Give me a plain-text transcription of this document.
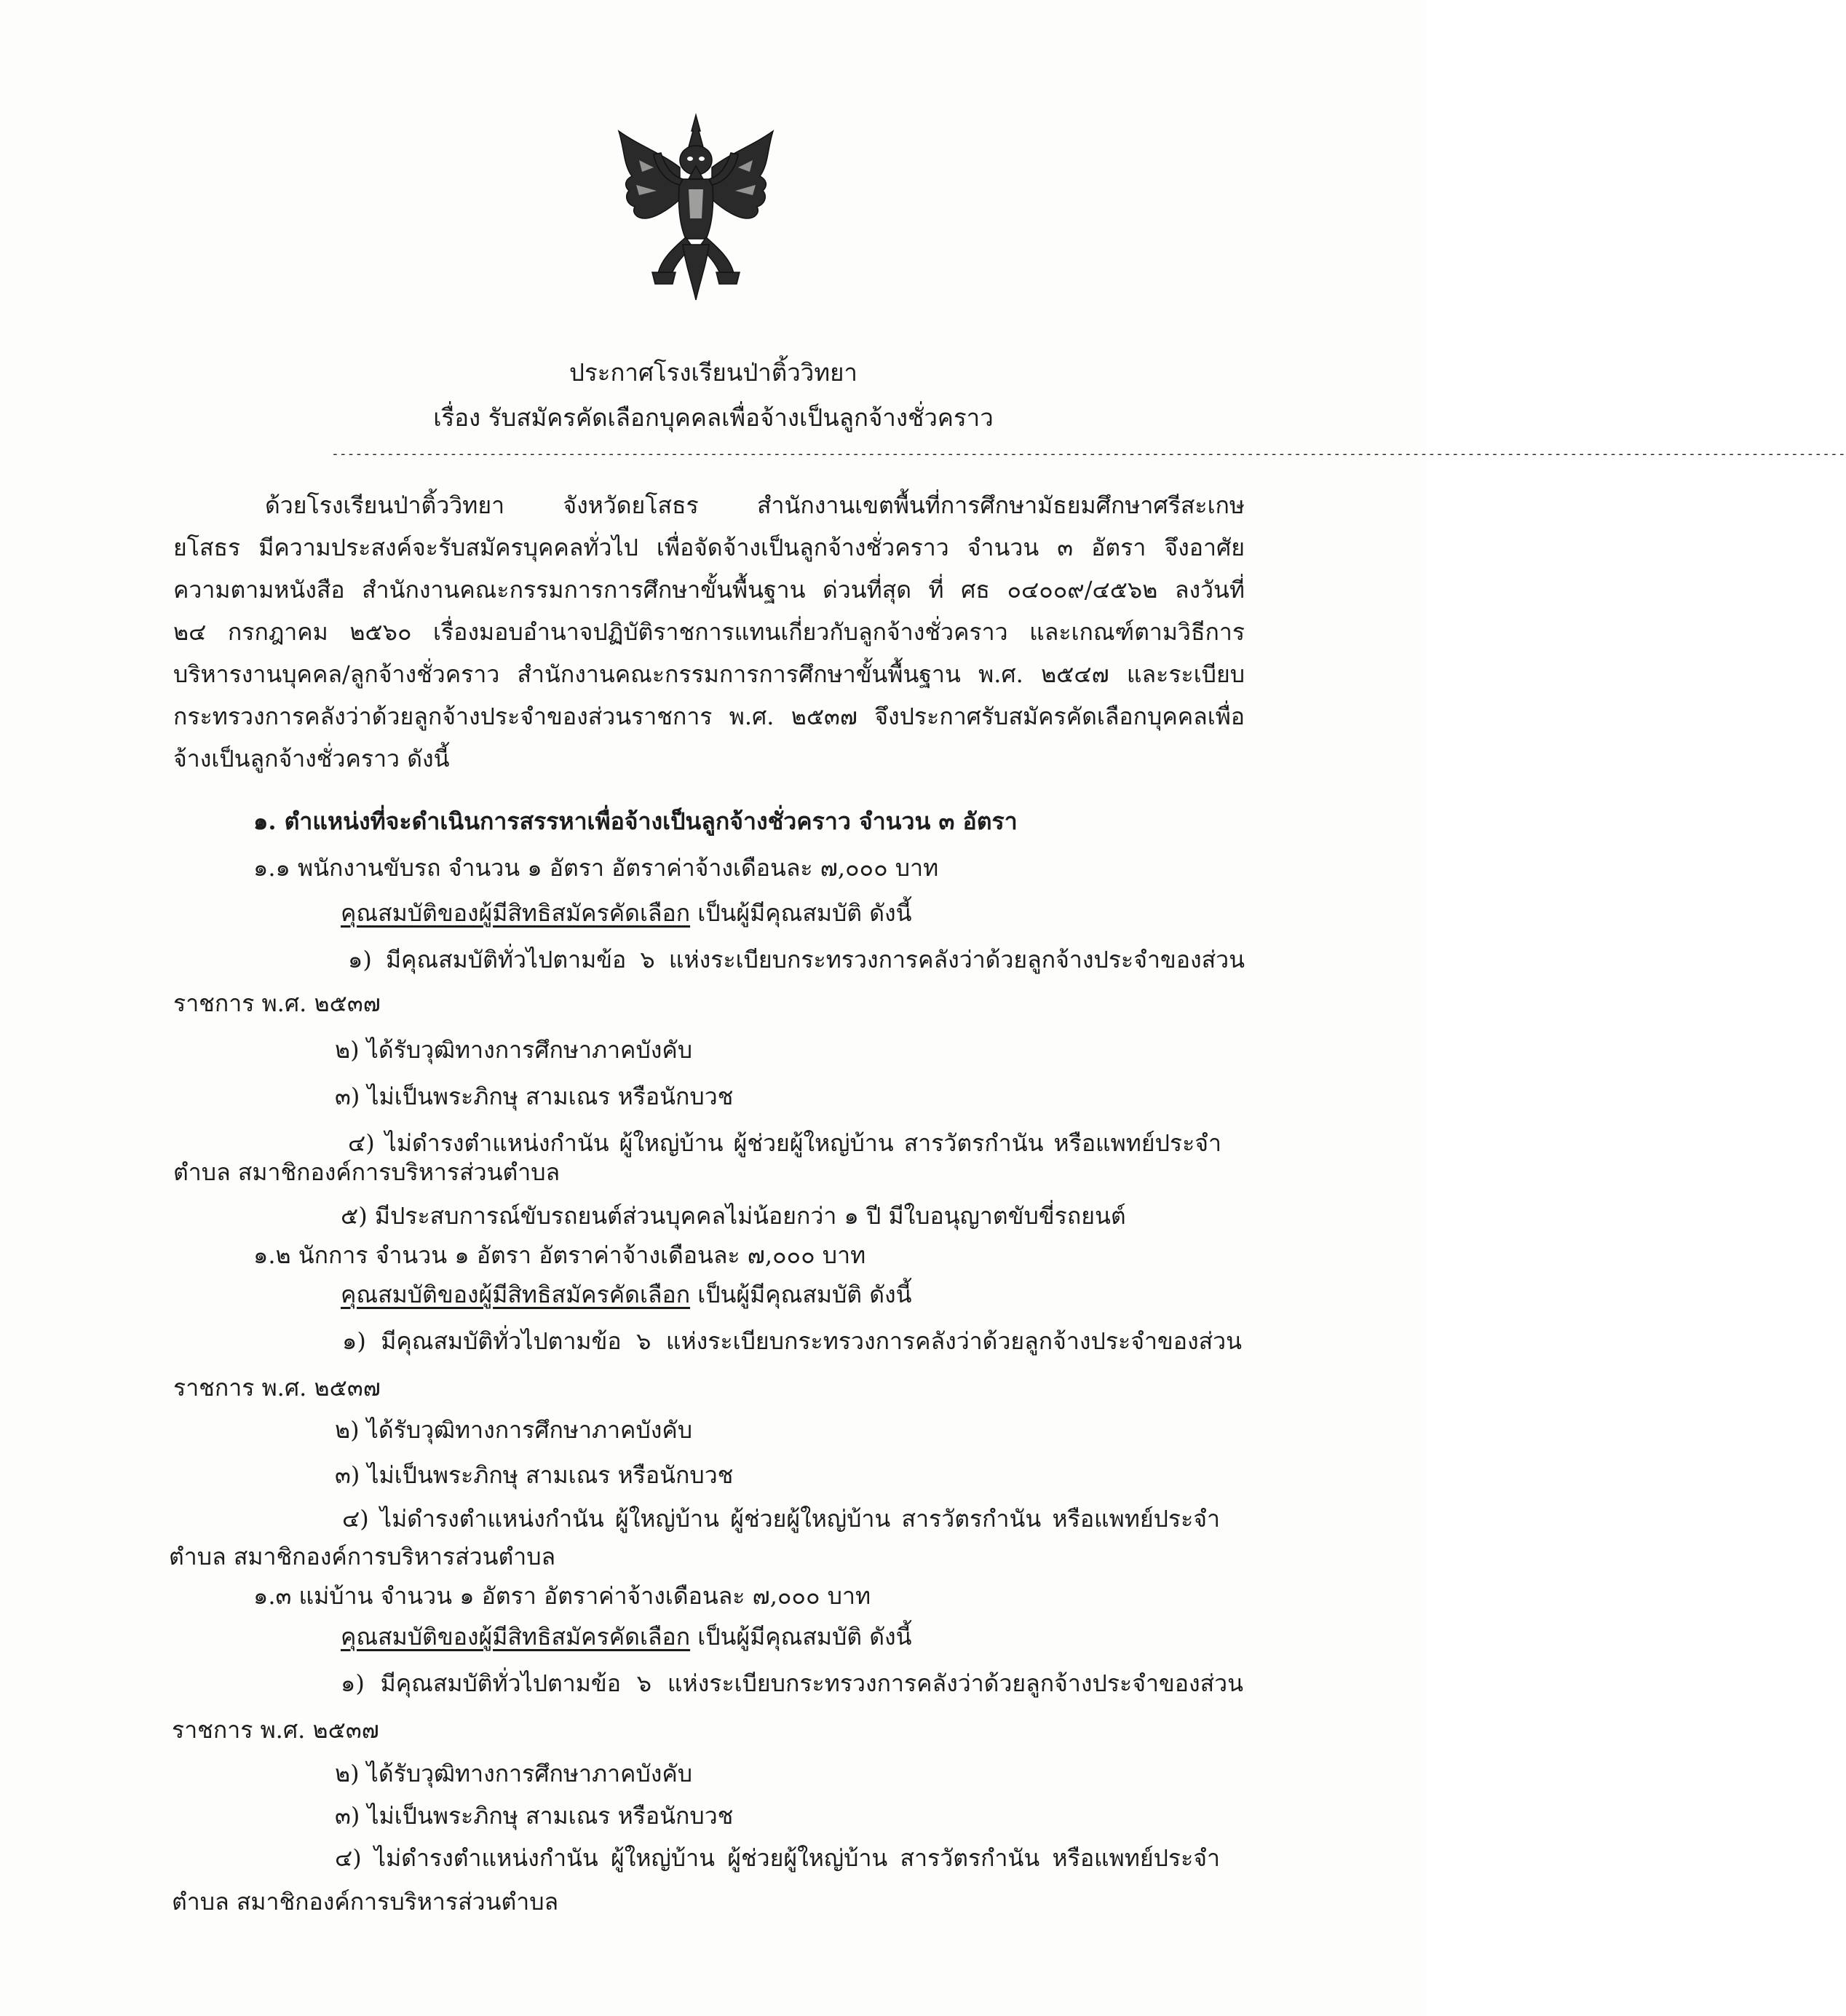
ประกาศโรงเรียนป่าติ้ววิทยา
เรื่อง รับสมัครคัดเลือกบุคคลเพื่อจ้างเป็นลูกจ้างชั่วคราว
------------------------------------------------------------------------------------------------------------------------------------------------------------------------------------------------
ด้วยโรงเรียนป่าติ้ววิทยา จังหวัดยโสธร สำนักงานเขตพื้นที่การศึกษามัธยมศึกษาศรีสะเกษ
ยโสธร มีความประสงค์จะรับสมัครบุคคลทั่วไป เพื่อจัดจ้างเป็นลูกจ้างชั่วคราว จำนวน ๓ อัตรา จึงอาศัย
ความตามหนังสือ สำนักงานคณะกรรมการการศึกษาขั้นพื้นฐาน ด่วนที่สุด ที่ ศธ ๐๔๐๐๙/๔๕๖๒ ลงวันที่
๒๔ กรกฎาคม ๒๕๖๐ เรื่องมอบอำนาจปฏิบัติราชการแทนเกี่ยวกับลูกจ้างชั่วคราว และเกณฑ์ตามวิธีการ
บริหารงานบุคคล/ลูกจ้างชั่วคราว สำนักงานคณะกรรมการการศึกษาขั้นพื้นฐาน พ.ศ. ๒๕๔๗ และระเบียบ
กระทรวงการคลังว่าด้วยลูกจ้างประจำของส่วนราชการ พ.ศ. ๒๕๓๗ จึงประกาศรับสมัครคัดเลือกบุคคลเพื่อ
จ้างเป็นลูกจ้างชั่วคราว ดังนี้
๑. ตำแหน่งที่จะดำเนินการสรรหาเพื่อจ้างเป็นลูกจ้างชั่วคราว จำนวน ๓ อัตรา
๑.๑ พนักงานขับรถ จำนวน ๑ อัตรา อัตราค่าจ้างเดือนละ ๗,๐๐๐ บาท
คุณสมบัติของผู้มีสิทธิสมัครคัดเลือก เป็นผู้มีคุณสมบัติ ดังนี้
๑) มีคุณสมบัติทั่วไปตามข้อ ๖ แห่งระเบียบกระทรวงการคลังว่าด้วยลูกจ้างประจำของส่วน
ราชการ พ.ศ. ๒๕๓๗
๒) ได้รับวุฒิทางการศึกษาภาคบังคับ
๓) ไม่เป็นพระภิกษุ สามเณร หรือนักบวช
๔) ไม่ดำรงตำแหน่งกำนัน ผู้ใหญ่บ้าน ผู้ช่วยผู้ใหญ่บ้าน สารวัตรกำนัน หรือแพทย์ประจำ
ตำบล สมาชิกองค์การบริหารส่วนตำบล
๕) มีประสบการณ์ขับรถยนต์ส่วนบุคคลไม่น้อยกว่า ๑ ปี มีใบอนุญาตขับขี่รถยนต์
๑.๒ นักการ จำนวน ๑ อัตรา อัตราค่าจ้างเดือนละ ๗,๐๐๐ บาท
คุณสมบัติของผู้มีสิทธิสมัครคัดเลือก เป็นผู้มีคุณสมบัติ ดังนี้
๑) มีคุณสมบัติทั่วไปตามข้อ ๖ แห่งระเบียบกระทรวงการคลังว่าด้วยลูกจ้างประจำของส่วน
ราชการ พ.ศ. ๒๕๓๗
๒) ได้รับวุฒิทางการศึกษาภาคบังคับ
๓) ไม่เป็นพระภิกษุ สามเณร หรือนักบวช
๔) ไม่ดำรงตำแหน่งกำนัน ผู้ใหญ่บ้าน ผู้ช่วยผู้ใหญ่บ้าน สารวัตรกำนัน หรือแพทย์ประจำ
ตำบล สมาชิกองค์การบริหารส่วนตำบล
๑.๓ แม่บ้าน จำนวน ๑ อัตรา อัตราค่าจ้างเดือนละ ๗,๐๐๐ บาท
คุณสมบัติของผู้มีสิทธิสมัครคัดเลือก เป็นผู้มีคุณสมบัติ ดังนี้
๑) มีคุณสมบัติทั่วไปตามข้อ ๖ แห่งระเบียบกระทรวงการคลังว่าด้วยลูกจ้างประจำของส่วน
ราชการ พ.ศ. ๒๕๓๗
๒) ได้รับวุฒิทางการศึกษาภาคบังคับ
๓) ไม่เป็นพระภิกษุ สามเณร หรือนักบวช
๔) ไม่ดำรงตำแหน่งกำนัน ผู้ใหญ่บ้าน ผู้ช่วยผู้ใหญ่บ้าน สารวัตรกำนัน หรือแพทย์ประจำ
ตำบล สมาชิกองค์การบริหารส่วนตำบล
